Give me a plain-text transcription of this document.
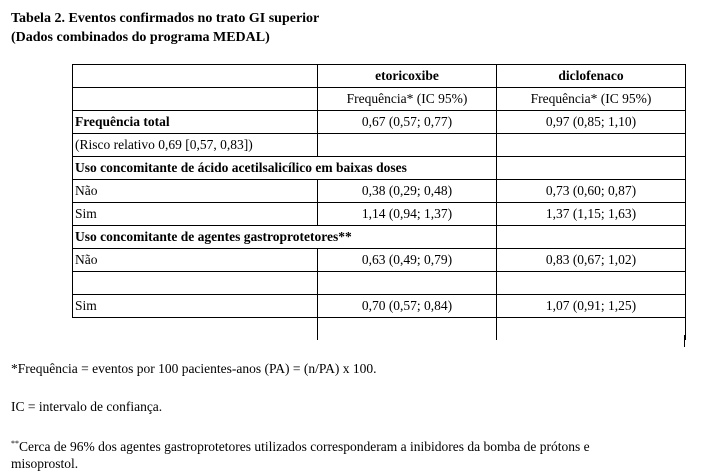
Tabela 2. Eventos confirmados no trato GI superior
(Dados combinados do programa MEDAL)
	etoricoxibe	diclofenaco
	Frequência* (IC 95%)	Frequência* (IC 95%)
Frequência total	0,67 (0,57; 0,77)	0,97 (0,85; 1,10)
(Risco relativo 0,69 [0,57, 0,83])		
Uso concomitante de ácido acetilsalicílico em baixas doses		
Não	0,38 (0,29; 0,48)	0,73 (0,60; 0,87)
Sim	1,14 (0,94; 1,37)	1,37 (1,15; 1,63)
Uso concomitante de agentes gastroprotetores**		
Não	0,63 (0,49; 0,79)	0,83 (0,67; 1,02)

Sim	0,70 (0,57; 0,84)	1,07 (0,91; 1,25)

*Frequência = eventos por 100 pacientes-anos (PA) = (n/PA) x 100.
IC = intervalo de confiança.
**Cerca de 96% dos agentes gastroprotetores utilizados corresponderam a inibidores da bomba de prótons e
misoprostol.
